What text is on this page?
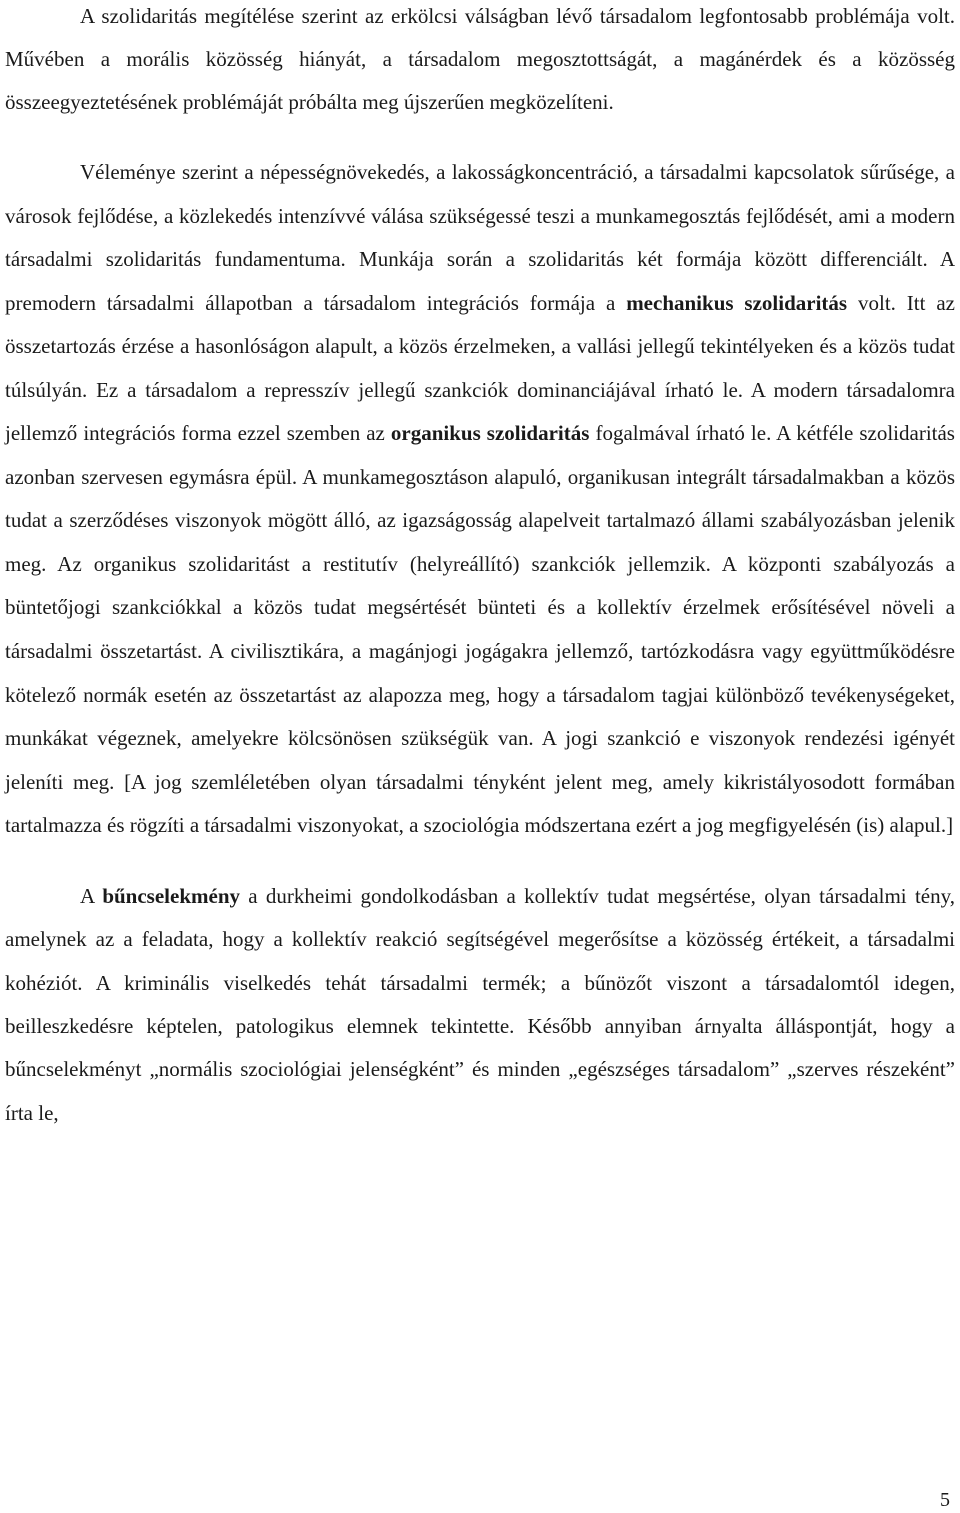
A szolidaritás megítélése szerint az erkölcsi válságban lévő társadalom legfontosabb problémája volt. Művében a morális közösség hiányát, a társadalom megosztottságát, a magánérdek és a közösség összeegyeztetésének problémáját próbálta meg újszerűen megközelíteni.

Véleménye szerint a népességnövekedés, a lakosságkoncentráció, a társadalmi kapcsolatok sűrűsége, a városok fejlődése, a közlekedés intenzívvé válása szükségessé teszi a munkamegosztás fejlődését, ami a modern társadalmi szolidaritás fundamentuma. Munkája során a szolidaritás két formája között differenciált. A premodern társadalmi állapotban a társadalom integrációs formája a mechanikus szolidaritás volt. Itt az összetartozás érzése a hasonlóságon alapult, a közös érzelmeken, a vallási jellegű tekintélyeken és a közös tudat túlsúlyán. Ez a társadalom a represszív jellegű szankciók dominanciájával írható le. A modern társadalomra jellemző integrációs forma ezzel szemben az organikus szolidaritás fogalmával írható le. A kétféle szolidaritás azonban szervesen egymásra épül. A munkamegosztáson alapuló, organikusan integrált társadalmakban a közös tudat a szerződéses viszonyok mögött álló, az igazságosság alapelveit tartalmazó állami szabályozásban jelenik meg. Az organikus szolidaritást a restitutív (helyreállító) szankciók jellemzik. A központi szabályozás a büntetőjogi szankciókkal a közös tudat megsértését bünteti és a kollektív érzelmek erősítésével növeli a társadalmi összetartást. A civilisztikára, a magánjogi jogágakra jellemző, tartózkodásra vagy együttműködésre kötelező normák esetén az összetartást az alapozza meg, hogy a társadalom tagjai különböző tevékenységeket, munkákat végeznek, amelyekre kölcsönösen szükségük van. A jogi szankció e viszonyok rendezési igényét jeleníti meg. [A jog szemléletében olyan társadalmi tényként jelent meg, amely kikristályosodott formában tartalmazza és rögzíti a társadalmi viszonyokat, a szociológia módszertana ezért a jog megfigyelésén (is) alapul.]

A bűncselekmény a durkheimi gondolkodásban a kollektív tudat megsértése, olyan társadalmi tény, amelynek az a feladata, hogy a kollektív reakció segítségével megerősítse a közösség értékeit, a társadalmi kohéziót. A kriminális viselkedés tehát társadalmi termék; a bűnözőt viszont a társadalomtól idegen, beilleszkedésre képtelen, patologikus elemnek tekintette. Később annyiban árnyalta álláspontját, hogy a bűncselekményt „normális szociológiai jelenségként” és minden „egészséges társadalom” „szerves részeként” írta le,

5
